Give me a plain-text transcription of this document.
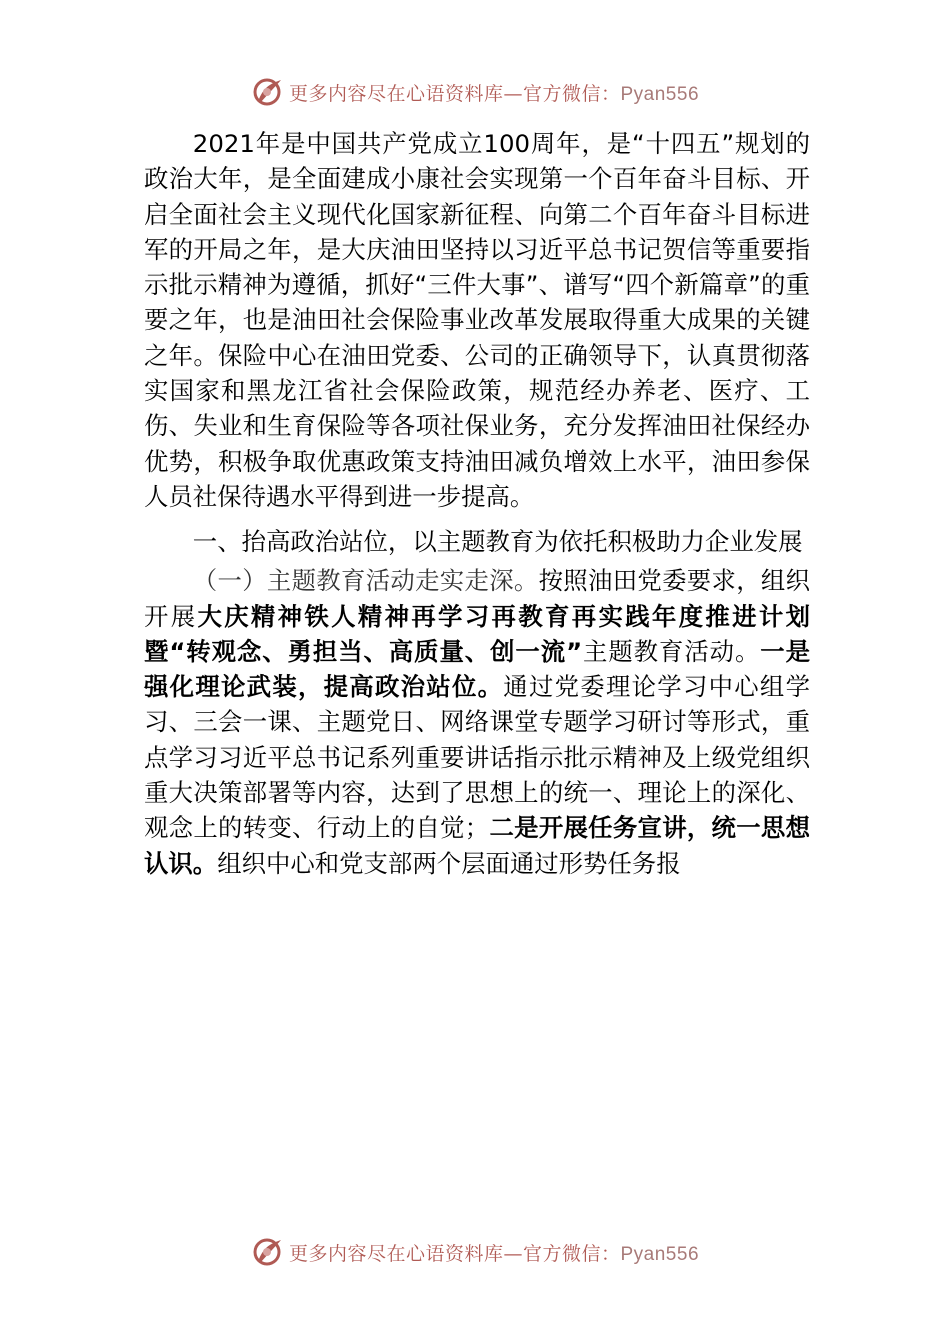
更多内容尽在心语资料库—官方微信：Pyan556

2021年是中国共产党成立100周年，是“十四五”规划的政治大年，是全面建成小康社会实现第一个百年奋斗目标、开启全面社会主义现代化国家新征程、向第二个百年奋斗目标进军的开局之年，是大庆油田坚持以习近平总书记贺信等重要指示批示精神为遵循，抓好“三件大事”、谱写“四个新篇章”的重要之年，也是油田社会保险事业改革发展取得重大成果的关键之年。保险中心在油田党委、公司的正确领导下，认真贯彻落实国家和黑龙江省社会保险政策，规范经办养老、医疗、工伤、失业和生育保险等各项社保业务，充分发挥油田社保经办优势，积极争取优惠政策支持油田减负增效上水平，油田参保人员社保待遇水平得到进一步提高。

一、抬高政治站位，以主题教育为依托积极助力企业发展

（一）主题教育活动走实走深。按照油田党委要求，组织开展大庆精神铁人精神再学习再教育再实践年度推进计划暨“转观念、勇担当、高质量、创一流”主题教育活动。一是强化理论武装，提高政治站位。通过党委理论学习中心组学习、三会一课、主题党日、网络课堂专题学习研讨等形式，重点学习习近平总书记系列重要讲话指示批示精神及上级党组织重大决策部署等内容，达到了思想上的统一、理论上的深化、观念上的转变、行动上的自觉；二是开展任务宣讲，统一思想认识。组织中心和党支部两个层面通过形势任务报

更多内容尽在心语资料库—官方微信：Pyan556
